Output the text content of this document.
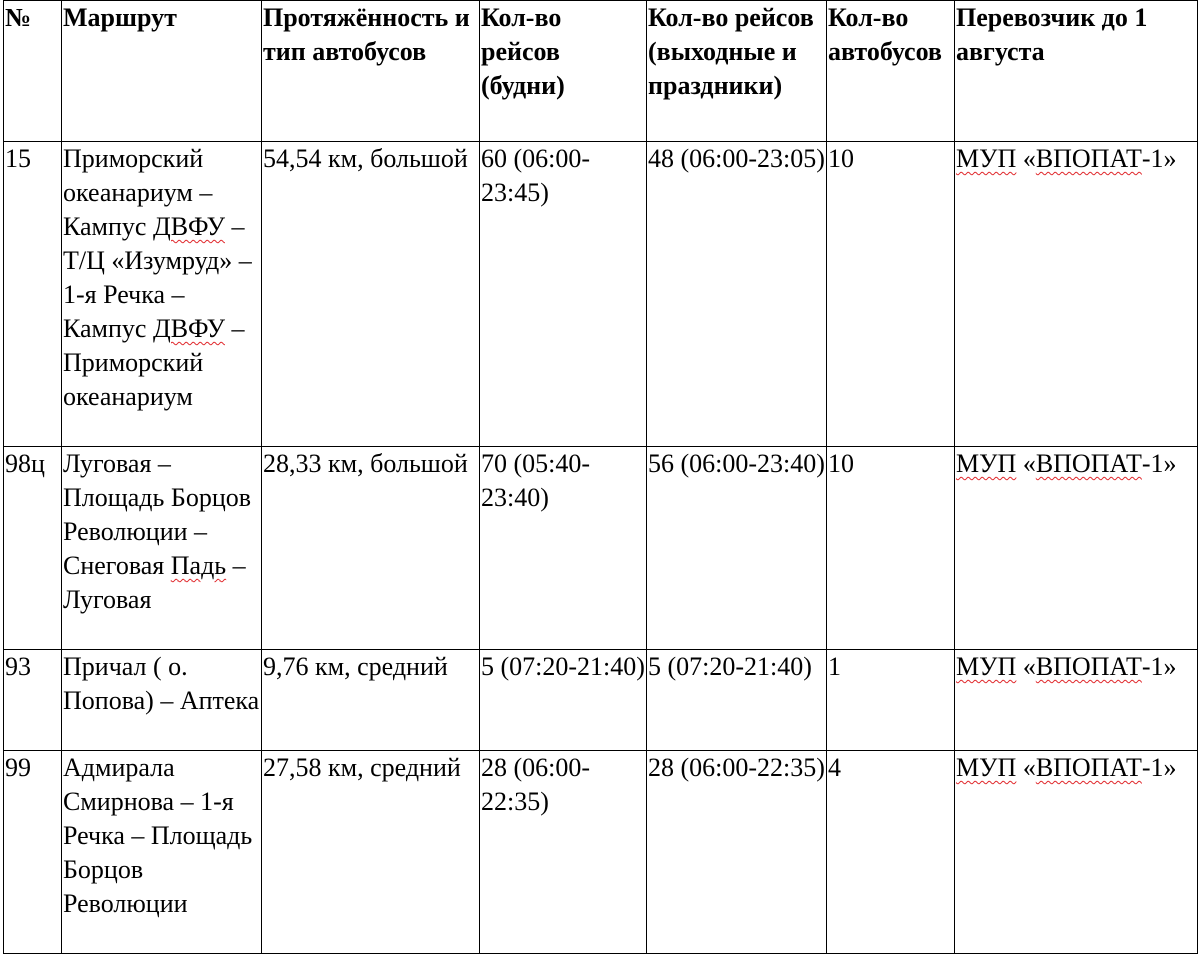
№	Маршрут	Протяжённость и тип автобусов	Кол-во рейсов (будни)	Кол-во рейсов (выходные и праздники)	Кол-во автобусов	Перевозчик до 1 августа
15	Приморский океанариум – Кампус ДВФУ – Т/Ц «Изумруд» – 1-я Речка – Кампус ДВФУ – Приморский океанариум	54,54 км, большой	60 (06:00-23:45)	48 (06:00-23:05)	10	МУП «ВПОПАТ-1»
98ц	Луговая – Площадь Борцов Революции – Снеговая Падь – Луговая	28,33 км, большой	70 (05:40-23:40)	56 (06:00-23:40)	10	МУП «ВПОПАТ-1»
93	Причал ( о. Попова) – Аптека	9,76 км, средний	5 (07:20-21:40)	5 (07:20-21:40)	1	МУП «ВПОПАТ-1»
99	Адмирала Смирнова – 1-я Речка – Площадь Борцов Революции	27,58 км, средний	28 (06:00-22:35)	28 (06:00-22:35)	4	МУП «ВПОПАТ-1»
